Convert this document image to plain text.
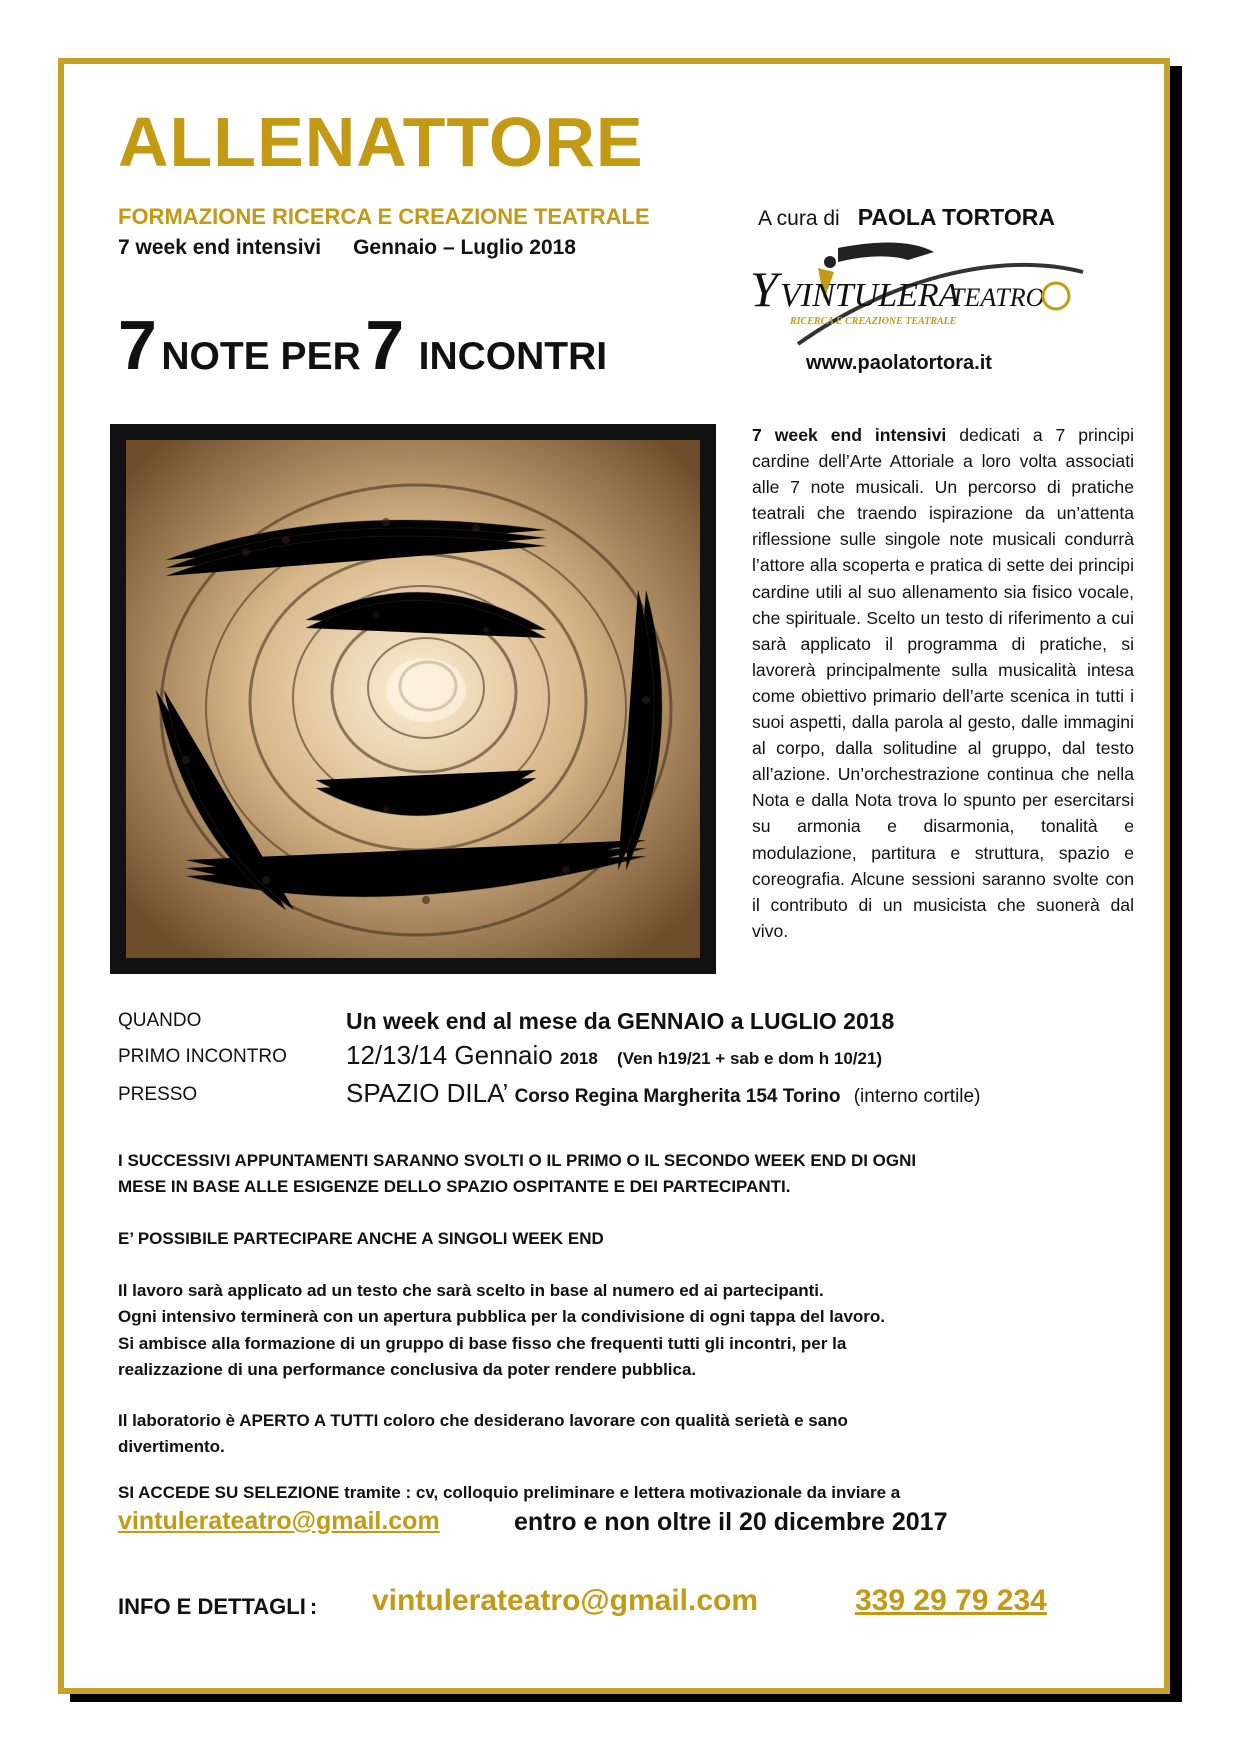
ALLENATTORE
FORMAZIONE RICERCA E CREAZIONE TEATRALE	A cura di PAOLA TORTORA
7 week end intensivi Gennaio – Luglio 2018
7 NOTE PER 7 INCONTRI
Y VINTULERA
TEATRO
RICERCA E CREAZIONE TEATRALE
www.paolatortora.it
7 week end intensivi dedicati a 7 principi cardine dell’Arte Attoriale a loro volta associati alle 7 note musicali. Un percorso di pratiche teatrali che traendo ispirazione da un’attenta riflessione sulle singole note musicali condurrà l’attore alla scoperta e pratica di sette dei principi cardine utili al suo allenamento sia fisico vocale, che spirituale. Scelto un testo di riferimento a cui sarà applicato il programma di pratiche, si lavorerà principalmente sulla musicalità intesa come obiettivo primario dell’arte scenica in tutti i suoi aspetti, dalla parola al gesto, dalle immagini al corpo, dalla solitudine al gruppo, dal testo all’azione. Un’orchestrazione continua che nella Nota e dalla Nota trova lo spunto per esercitarsi su armonia e disarmonia, tonalità e modulazione, partitura e struttura, spazio e coreografia. Alcune sessioni saranno svolte con il contributo di un musicista che suonerà dal vivo.
QUANDO	Un week end al mese da GENNAIO a LUGLIO 2018
PRIMO INCONTRO 12/13/14 Gennaio 2018 (Ven h19/21 + sab e dom h 10/21)
PRESSO	SPAZIO DILA’ Corso Regina Margherita 154 Torino (interno cortile)
I SUCCESSIVI APPUNTAMENTI SARANNO SVOLTI O IL PRIMO O IL SECONDO WEEK END DI OGNI
MESE IN BASE ALLE ESIGENZE DELLO SPAZIO OSPITANTE E DEI PARTECIPANTI.
E’ POSSIBILE PARTECIPARE ANCHE A SINGOLI WEEK END
Il lavoro sarà applicato ad un testo che sarà scelto in base al numero ed ai partecipanti.
Ogni intensivo terminerà con un apertura pubblica per la condivisione di ogni tappa del lavoro.
Si ambisce alla formazione di un gruppo di base fisso che frequenti tutti gli incontri, per la
realizzazione di una performance conclusiva da poter rendere pubblica.
Il laboratorio è APERTO A TUTTI coloro che desiderano lavorare con qualità serietà e sano
divertimento.
SI ACCEDE SU SELEZIONE tramite : cv, colloquio preliminare e lettera motivazionale da inviare a
vintulerateatro@gmail.com	entro e non oltre il 20 dicembre 2017
INFO E DETTAGLI : vintulerateatro@gmail.com	339 29 79 234
